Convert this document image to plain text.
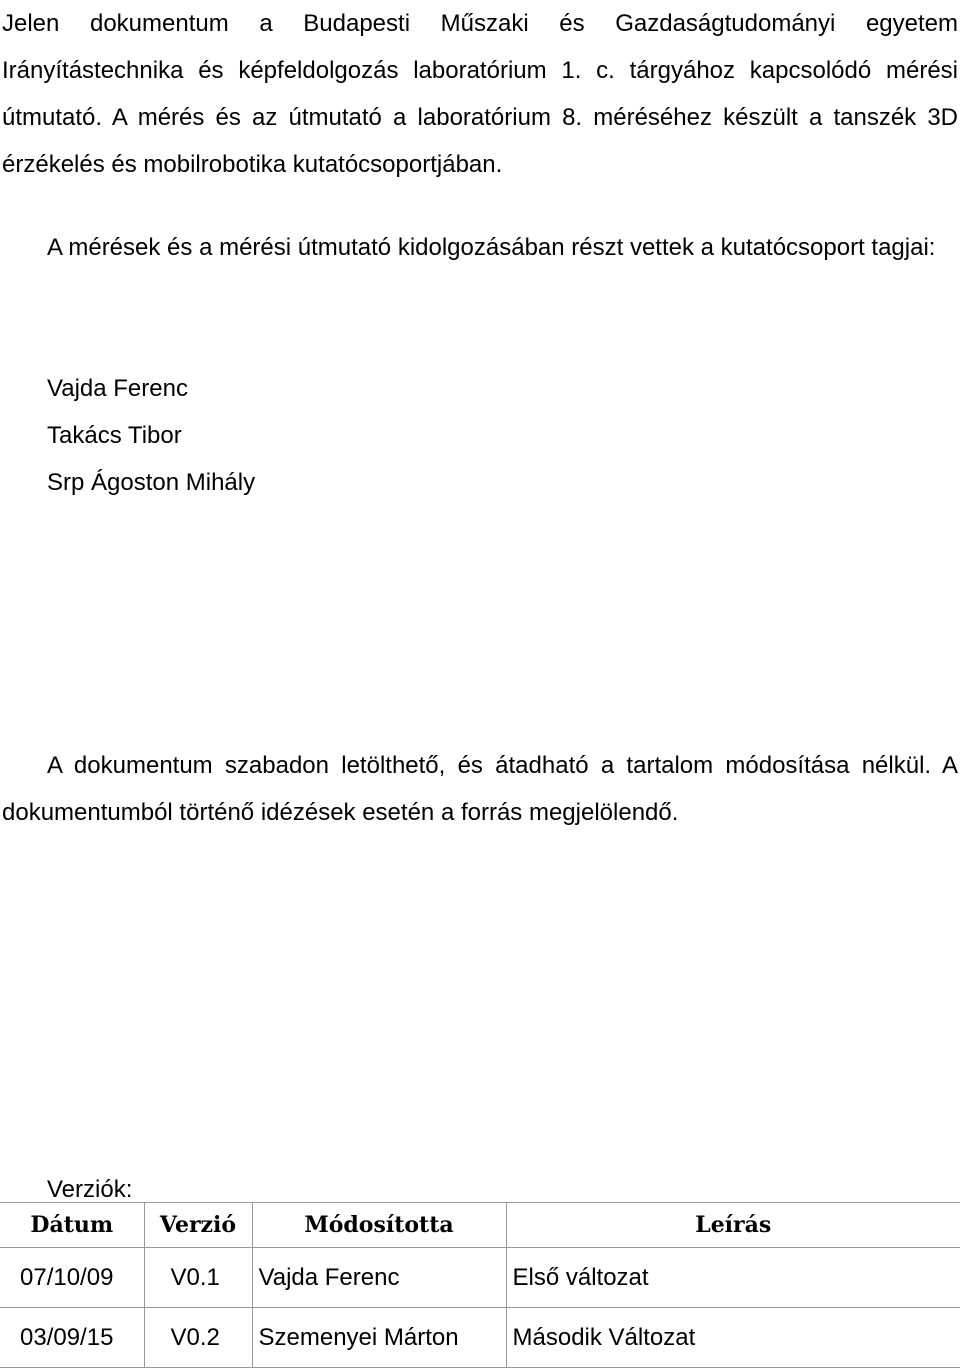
Jelen dokumentum a Budapesti Műszaki és Gazdaságtudományi egyetem Irányítástechnika és képfeldolgozás laboratórium 1. c. tárgyához kapcsolódó mérési útmutató. A mérés és az útmutató a laboratórium 8. méréséhez készült a tanszék 3D érzékelés és mobilrobotika kutatócsoportjában.

A mérések és a mérési útmutató kidolgozásában részt vettek a kutatócsoport tagjai:

Vajda Ferenc
Takács Tibor
Srp Ágoston Mihály

A dokumentum szabadon letölthető, és átadható a tartalom módosítása nélkül. A dokumentumból történő idézések esetén a forrás megjelölendő.

Verziók:
Dátum	Verzió	Módosította	Leírás
07/10/09	V0.1	Vajda Ferenc	Első változat
03/09/15	V0.2	Szemenyei Márton	Második Változat
